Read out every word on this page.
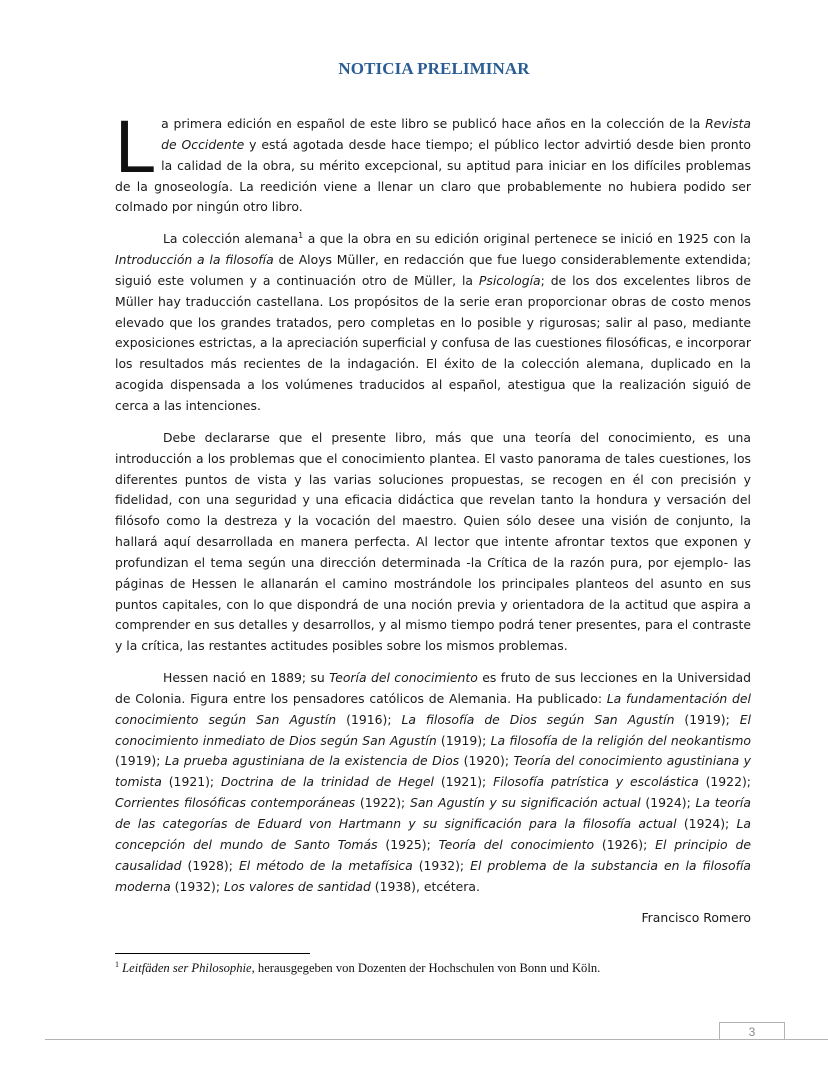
NOTICIA PRELIMINAR

La primera edición en español de este libro se publicó hace años en la colección de la Revista de Occidente y está agotada desde hace tiempo; el público lector advirtió desde bien pronto la calidad de la obra, su mérito excepcional, su aptitud para iniciar en los difíciles problemas de la gnoseología. La reedición viene a llenar un claro que probablemente no hubiera podido ser colmado por ningún otro libro.

La colección alemana$^1$ a que la obra en su edición original pertenece se inició en 1925 con la Introducción a la filosofía de Aloys Müller, en redacción que fue luego considerablemente extendida; siguió este volumen y a continuación otro de Müller, la Psicología; de los dos excelentes libros de Müller hay traducción castellana. Los propósitos de la serie eran proporcionar obras de costo menos elevado que los grandes tratados, pero completas en lo posible y rigurosas; salir al paso, mediante exposiciones estrictas, a la apreciación superficial y confusa de las cuestiones filosóficas, e incorporar los resultados más recientes de la indagación. El éxito de la colección alemana, duplicado en la acogida dispensada a los volúmenes traducidos al español, atestigua que la realización siguió de cerca a las intenciones.

Debe declararse que el presente libro, más que una teoría del conocimiento, es una introducción a los problemas que el conocimiento plantea. El vasto panorama de tales cuestiones, los diferentes puntos de vista y las varias soluciones propuestas, se recogen en él con precisión y fidelidad, con una seguridad y una eficacia didáctica que revelan tanto la hondura y versación del filósofo como la destreza y la vocación del maestro. Quien sólo desee una visión de conjunto, la hallará aquí desarrollada en manera perfecta. Al lector que intente afrontar textos que exponen y profundizan el tema según una dirección determinada -la Crítica de la razón pura, por ejemplo- las páginas de Hessen le allanarán el camino mostrándole los principales planteos del asunto en sus puntos capitales, con lo que dispondrá de una noción previa y orientadora de la actitud que aspira a comprender en sus detalles y desarrollos, y al mismo tiempo podrá tener presentes, para el contraste y la crítica, las restantes actitudes posibles sobre los mismos problemas.

Hessen nació en 1889; su Teoría del conocimiento es fruto de sus lecciones en la Universidad de Colonia. Figura entre los pensadores católicos de Alemania. Ha publicado: La fundamentación del conocimiento según San Agustín (1916); La filosofía de Dios según San Agustín (1919); El conocimiento inmediato de Dios según San Agustín (1919); La filosofía de la religión del neokantismo (1919); La prueba agustiniana de la existencia de Dios (1920); Teoría del conocimiento agustiniana y tomista (1921); Doctrina de la trinidad de Hegel (1921); Filosofía patrística y escolástica (1922); Corrientes filosóficas contemporáneas (1922); San Agustín y su significación actual (1924); La teoría de las categorías de Eduard von Hartmann y su significación para la filosofía actual (1924); La concepción del mundo de Santo Tomás (1925); Teoría del conocimiento (1926); El principio de causalidad (1928); El método de la metafísica (1932); El problema de la substancia en la filosofía moderna (1932); Los valores de santidad (1938), etcétera.

Francisco Romero
$^1$ Leitfäden ser Philosophie, herausgegeben von Dozenten der Hochschulen von Bonn und Köln.
3
